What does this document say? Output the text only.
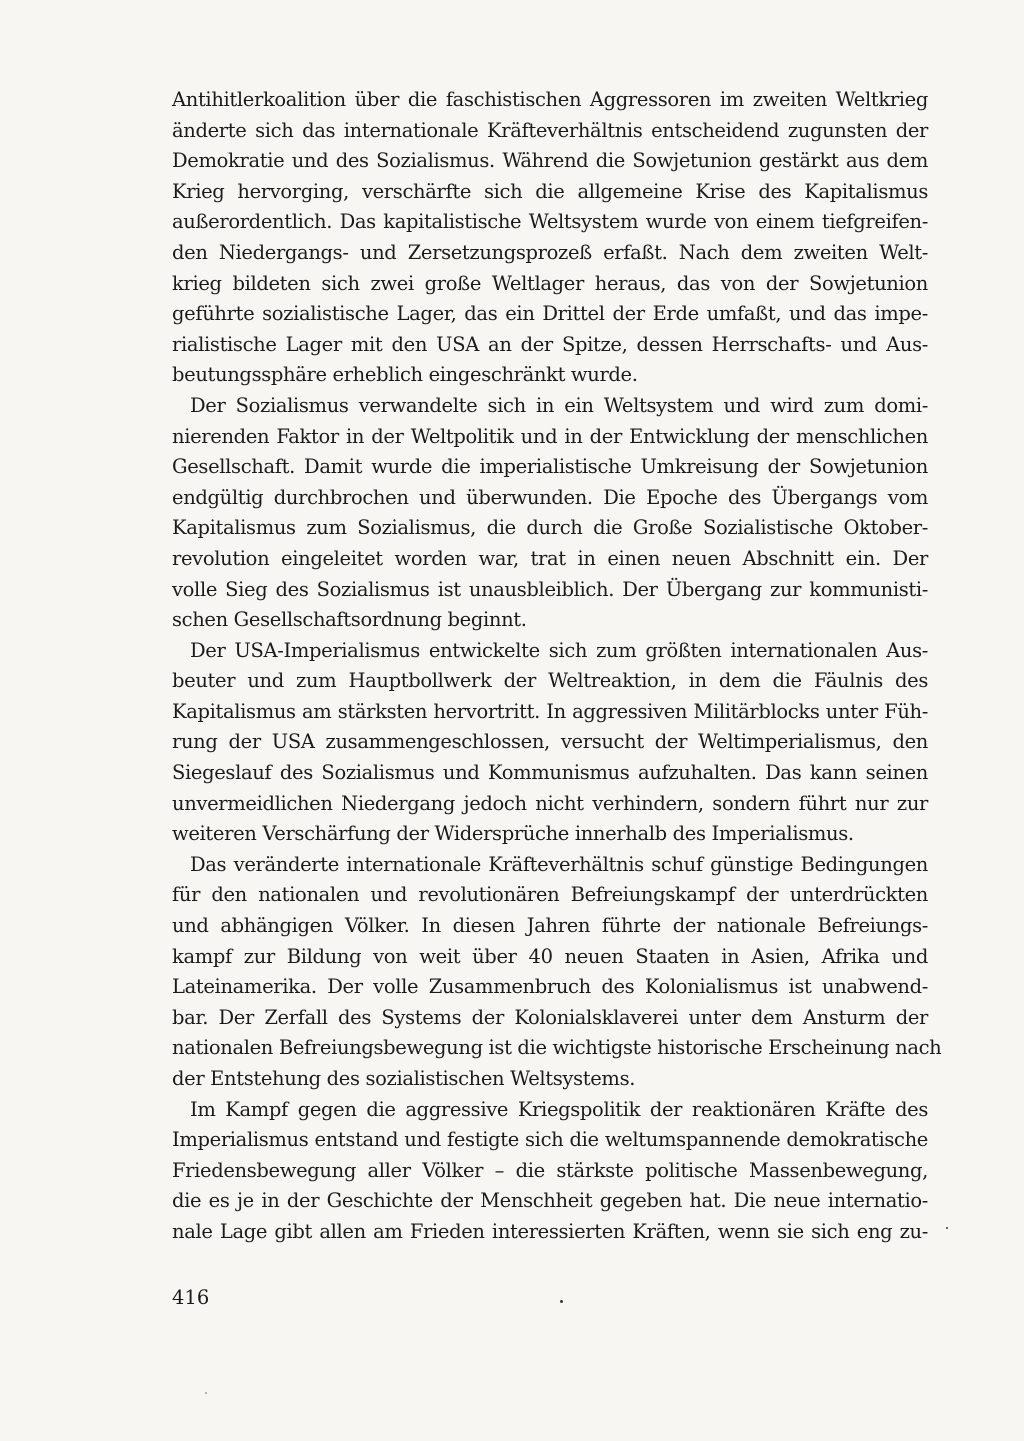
Antihitlerkoalition über die faschistischen Aggressoren im zweiten Weltkrieg
änderte sich das internationale Kräfteverhältnis entscheidend zugunsten der
Demokratie und des Sozialismus. Während die Sowjetunion gestärkt aus dem
Krieg hervorging, verschärfte sich die allgemeine Krise des Kapitalismus
außerordentlich. Das kapitalistische Weltsystem wurde von einem tiefgreifen-
den Niedergangs- und Zersetzungsprozeß erfaßt. Nach dem zweiten Welt-
krieg bildeten sich zwei große Weltlager heraus, das von der Sowjetunion
geführte sozialistische Lager, das ein Drittel der Erde umfaßt, und das impe-
rialistische Lager mit den USA an der Spitze, dessen Herrschafts- und Aus-
beutungssphäre erheblich eingeschränkt wurde.
Der Sozialismus verwandelte sich in ein Weltsystem und wird zum domi-
nierenden Faktor in der Weltpolitik und in der Entwicklung der menschlichen
Gesellschaft. Damit wurde die imperialistische Umkreisung der Sowjetunion
endgültig durchbrochen und überwunden. Die Epoche des Übergangs vom
Kapitalismus zum Sozialismus, die durch die Große Sozialistische Oktober-
revolution eingeleitet worden war, trat in einen neuen Abschnitt ein. Der
volle Sieg des Sozialismus ist unausbleiblich. Der Übergang zur kommunisti-
schen Gesellschaftsordnung beginnt.
Der USA-Imperialismus entwickelte sich zum größten internationalen Aus-
beuter und zum Hauptbollwerk der Weltreaktion, in dem die Fäulnis des
Kapitalismus am stärksten hervortritt. In aggressiven Militärblocks unter Füh-
rung der USA zusammengeschlossen, versucht der Weltimperialismus, den
Siegeslauf des Sozialismus und Kommunismus aufzuhalten. Das kann seinen
unvermeidlichen Niedergang jedoch nicht verhindern, sondern führt nur zur
weiteren Verschärfung der Widersprüche innerhalb des Imperialismus.
Das veränderte internationale Kräfteverhältnis schuf günstige Bedingungen
für den nationalen und revolutionären Befreiungskampf der unterdrückten
und abhängigen Völker. In diesen Jahren führte der nationale Befreiungs-
kampf zur Bildung von weit über 40 neuen Staaten in Asien, Afrika und
Lateinamerika. Der volle Zusammenbruch des Kolonialismus ist unabwend-
bar. Der Zerfall des Systems der Kolonialsklaverei unter dem Ansturm der
nationalen Befreiungsbewegung ist die wichtigste historische Erscheinung nach
der Entstehung des sozialistischen Weltsystems.
Im Kampf gegen die aggressive Kriegspolitik der reaktionären Kräfte des
Imperialismus entstand und festigte sich die weltumspannende demokratische
Friedensbewegung aller Völker – die stärkste politische Massenbewegung,
die es je in der Geschichte der Menschheit gegeben hat. Die neue internatio-
nale Lage gibt allen am Frieden interessierten Kräften, wenn sie sich eng zu-
416
